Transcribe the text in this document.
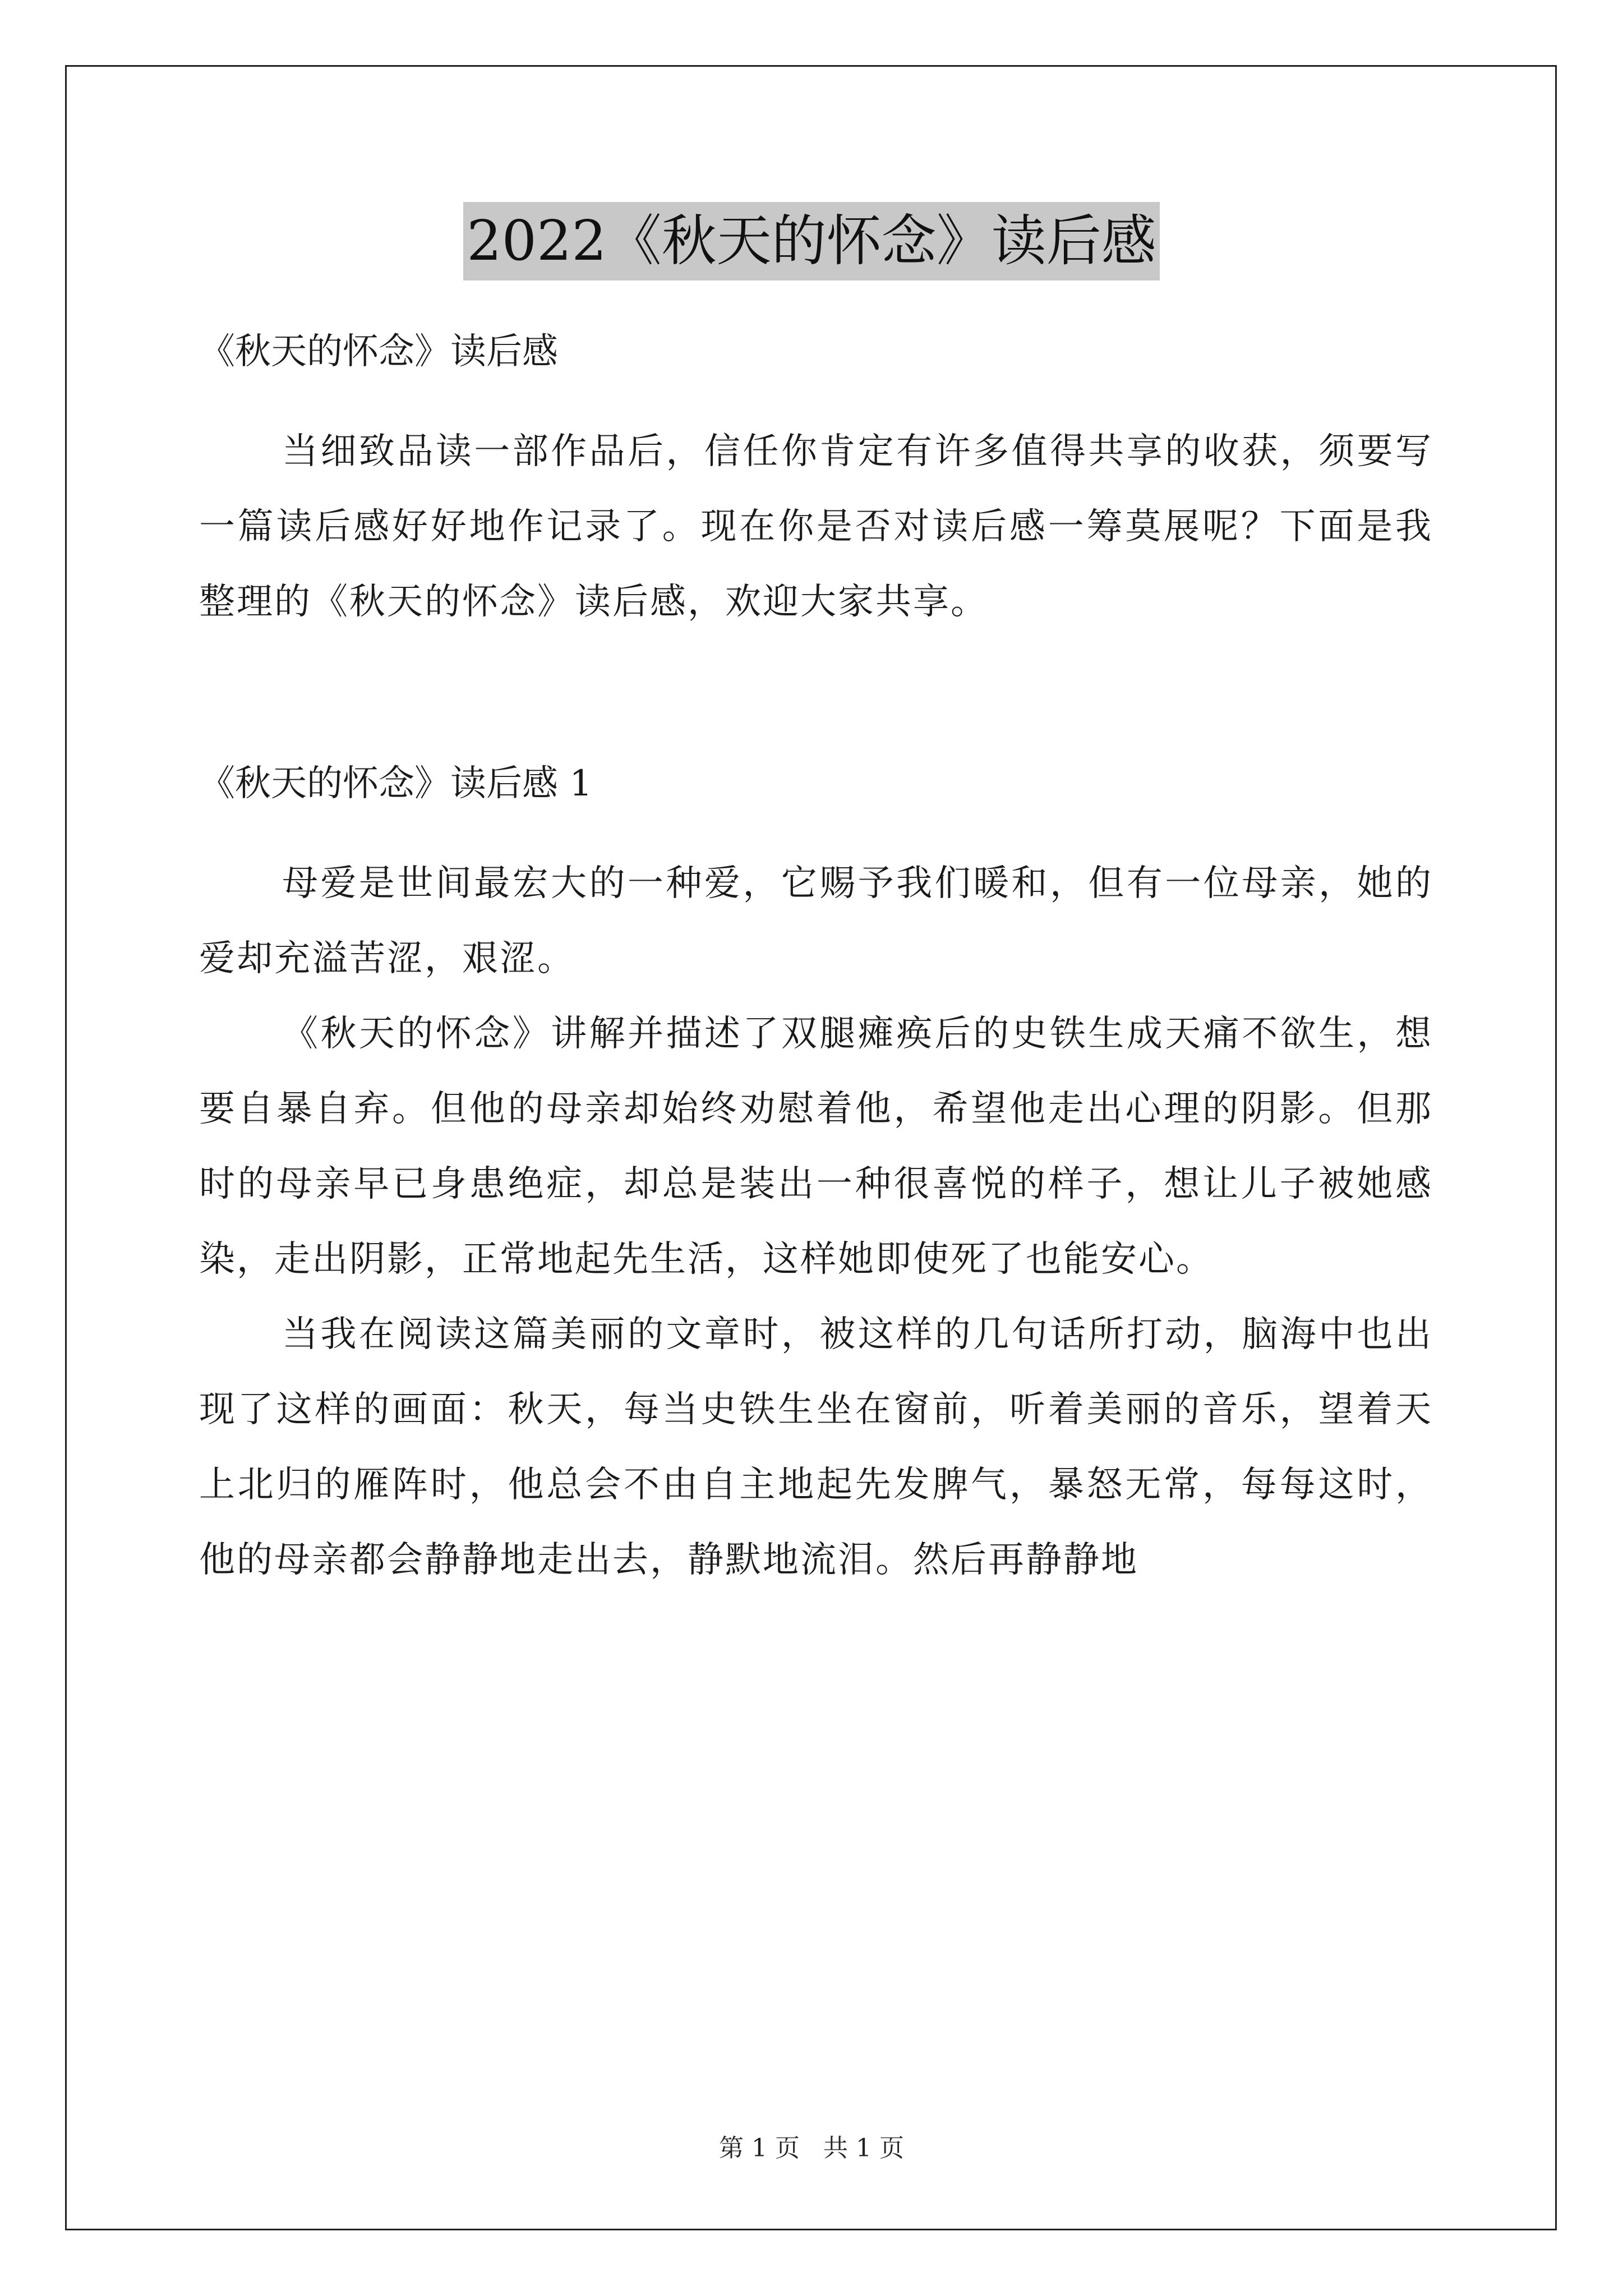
2022《秋天的怀念》读后感

《秋天的怀念》读后感

当细致品读一部作品后，信任你肯定有许多值得共享的收获，须要写一篇读后感好好地作记录了。现在你是否对读后感一筹莫展呢？下面是我整理的《秋天的怀念》读后感，欢迎大家共享。

《秋天的怀念》读后感 1

母爱是世间最宏大的一种爱，它赐予我们暖和，但有一位母亲，她的爱却充溢苦涩，艰涩。

《秋天的怀念》讲解并描述了双腿瘫痪后的史铁生成天痛不欲生，想要自暴自弃。但他的母亲却始终劝慰着他，希望他走出心理的阴影。但那时的母亲早已身患绝症，却总是装出一种很喜悦的样子，想让儿子被她感染，走出阴影，正常地起先生活，这样她即使死了也能安心。

当我在阅读这篇美丽的文章时，被这样的几句话所打动，脑海中也出现了这样的画面：秋天，每当史铁生坐在窗前，听着美丽的音乐，望着天上北归的雁阵时，他总会不由自主地起先发脾气，暴怒无常，每每这时，他的母亲都会静静地走出去，静默地流泪。然后再静静地

第 1 页 共 1 页
